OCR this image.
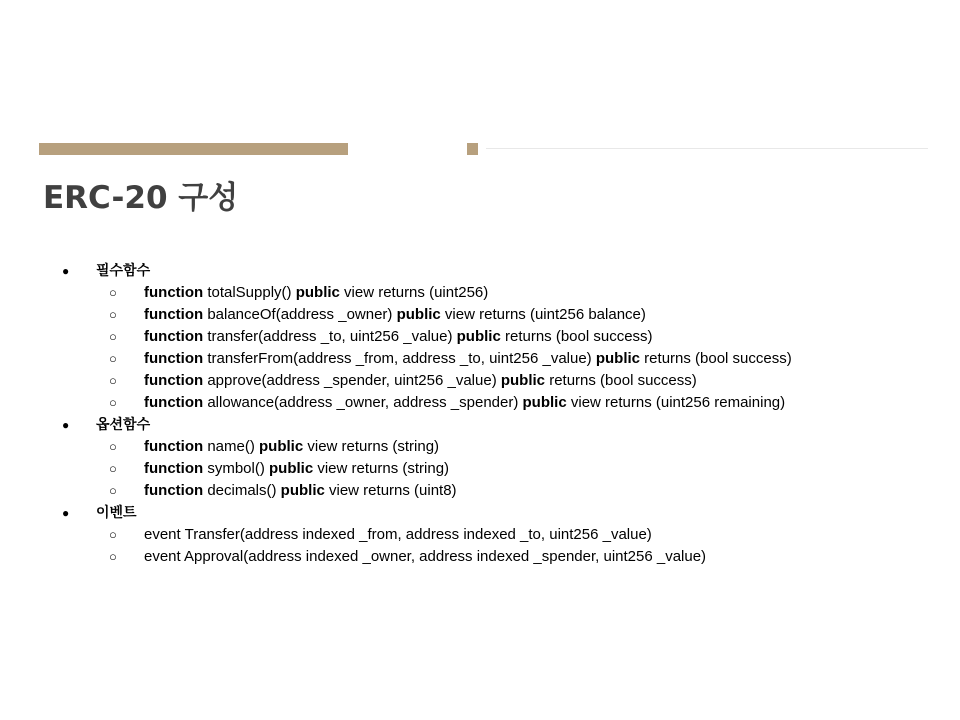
ERC-20 구성
● 필수함수
○ function totalSupply() public view returns (uint256)
○ function balanceOf(address _owner) public view returns (uint256 balance)
○ function transfer(address _to, uint256 _value) public returns (bool success)
○ function transferFrom(address _from, address _to, uint256 _value) public returns (bool success)
○ function approve(address _spender, uint256 _value) public returns (bool success)
○ function allowance(address _owner, address _spender) public view returns (uint256 remaining)
● 옵션함수
○ function name() public view returns (string)
○ function symbol() public view returns (string)
○ function decimals() public view returns (uint8)
● 이벤트
○ event Transfer(address indexed _from, address indexed _to, uint256 _value)
○ event Approval(address indexed _owner, address indexed _spender, uint256 _value)
